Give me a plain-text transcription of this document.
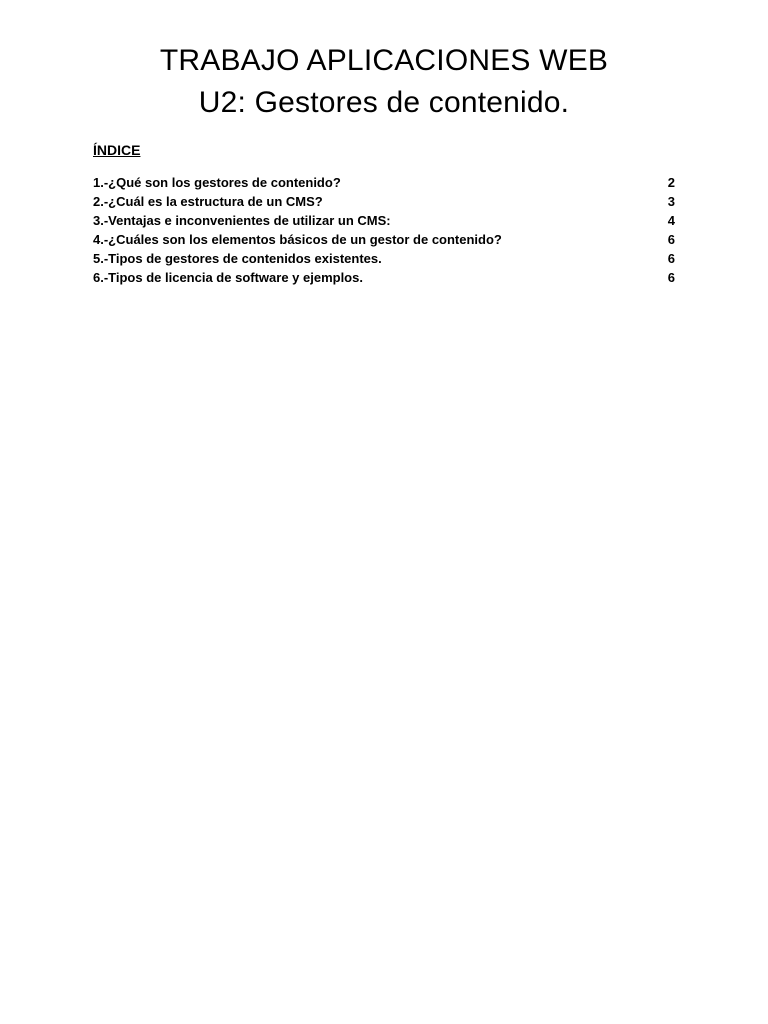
TRABAJO APLICACIONES WEB
U2: Gestores de contenido.
ÍNDICE
1.-¿Qué son los gestores de contenido?	2
2.-¿Cuál es la estructura de un CMS?	3
3.-Ventajas e inconvenientes de utilizar un CMS:	4
4.-¿Cuáles son los elementos básicos de un gestor de contenido?	6
5.-Tipos de gestores de contenidos existentes.	6
6.-Tipos de licencia de software y ejemplos.	6
